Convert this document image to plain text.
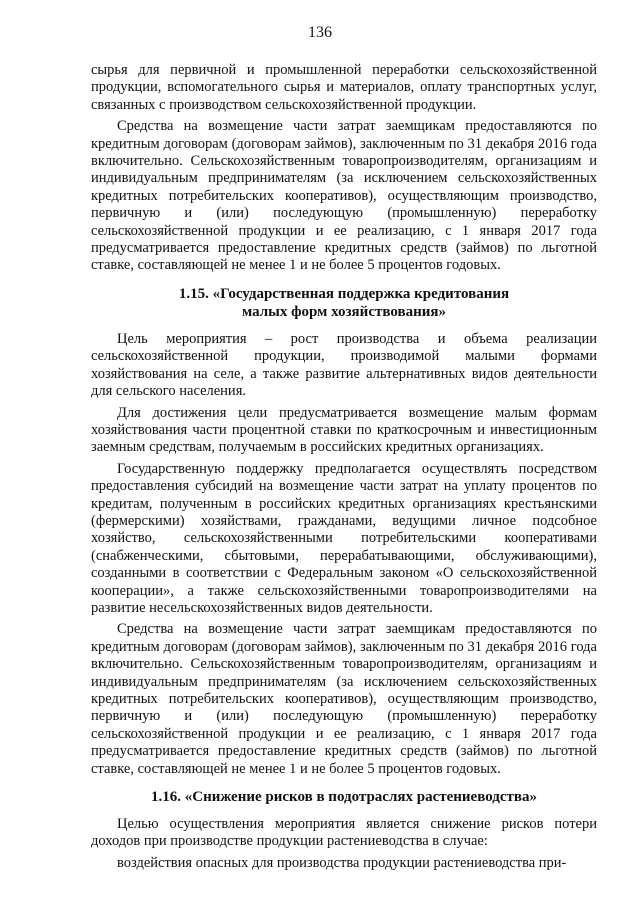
136

сырья для первичной и промышленной переработки сельскохозяйственной продукции, вспомогательного сырья и материалов, оплату транспортных услуг, связанных с производством сельскохозяйственной продукции.

Средства на возмещение части затрат заемщикам предоставляются по кредитным договорам (договорам займов), заключенным по 31 декабря 2016 года включительно. Сельскохозяйственным товаропроизводителям, организациям и индивидуальным предпринимателям (за исключением сельскохозяйственных кредитных потребительских кооперативов), осуществляющим производство, первичную и (или) последующую (промышленную) переработку сельскохозяйственной продукции и ее реализацию, с 1 января 2017 года предусматривается предоставление кредитных средств (займов) по льготной ставке, составляющей не менее 1 и не более 5 процентов годовых.

1.15. «Государственная поддержка кредитования
малых форм хозяйствования»

Цель мероприятия – рост производства и объема реализации сельскохозяйственной продукции, производимой малыми формами хозяйствования на селе, а также развитие альтернативных видов деятельности для сельского населения.

Для достижения цели предусматривается возмещение малым формам хозяйствования части процентной ставки по краткосрочным и инвестиционным заемным средствам, получаемым в российских кредитных организациях.

Государственную поддержку предполагается осуществлять посредством предоставления субсидий на возмещение части затрат на уплату процентов по кредитам, полученным в российских кредитных организациях крестьянскими (фермерскими) хозяйствами, гражданами, ведущими личное подсобное хозяйство, сельскохозяйственными потребительскими кооперативами (снабженческими, сбытовыми, перерабатывающими, обслуживающими), созданными в соответствии с Федеральным законом «О сельскохозяйственной кооперации», а также сельскохозяйственными товаропроизводителями на развитие несельскохозяйственных видов деятельности.

Средства на возмещение части затрат заемщикам предоставляются по кредитным договорам (договорам займов), заключенным по 31 декабря 2016 года включительно. Сельскохозяйственным товаропроизводителям, организациям и индивидуальным предпринимателям (за исключением сельскохозяйственных кредитных потребительских кооперативов), осуществляющим производство, первичную и (или) последующую (промышленную) переработку сельскохозяйственной продукции и ее реализацию, с 1 января 2017 года предусматривается предоставление кредитных средств (займов) по льготной ставке, составляющей не менее 1 и не более 5 процентов годовых.

1.16. «Снижение рисков в подотраслях растениеводства»

Целью осуществления мероприятия является снижение рисков потери доходов при производстве продукции растениеводства в случае:

воздействия опасных для производства продукции растениеводства при-
